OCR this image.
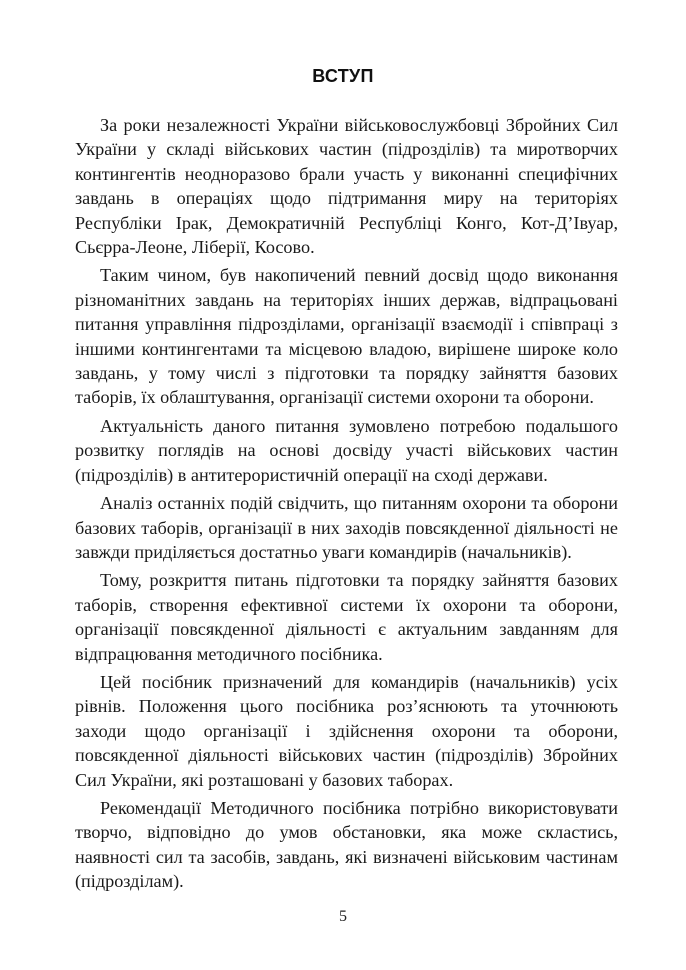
ВСТУП

За роки незалежності України військовослужбовці Збройних Сил України у складі військових частин (підрозділів) та миротворчих контингентів неодноразово брали участь у виконанні специфічних завдань в операціях щодо підтримання миру на територіях Республіки Ірак, Демократичній Республіці Конго, Кот-Д’Івуар, Сьєрра-Леоне, Ліберії, Косово.

Таким чином, був накопичений певний досвід щодо виконання різноманітних завдань на територіях інших держав, відпрацьовані питання управління підрозділами, організації взаємодії і співпраці з іншими контингентами та місцевою владою, вирішене широке коло завдань, у тому числі з підготовки та порядку зайняття базових таборів, їх облаштування, організації системи охорони та оборони.

Актуальність даного питання зумовлено потребою подальшого розвитку поглядів на основі досвіду участі військових частин (підрозділів) в антитерористичній операції на сході держави.

Аналіз останніх подій свідчить, що питанням охорони та оборони базових таборів, організації в них заходів повсякденної діяльності не завжди приділяється достатньо уваги командирів (начальників).

Тому, розкриття питань підготовки та порядку зайняття базових таборів, створення ефективної системи їх охорони та оборони, організації повсякденної діяльності є актуальним завданням для відпрацювання методичного посібника.

Цей посібник призначений для командирів (начальників) усіх рівнів. Положення цього посібника роз’яснюють та уточнюють заходи щодо організації і здійснення охорони та оборони, повсякденної діяльності військових частин (підрозділів) Збройних Сил України, які розташовані у базових таборах.

Рекомендації Методичного посібника потрібно використовувати творчо, відповідно до умов обстановки, яка може скластись, наявності сил та засобів, завдань, які визначені військовим частинам (підрозділам).

5
